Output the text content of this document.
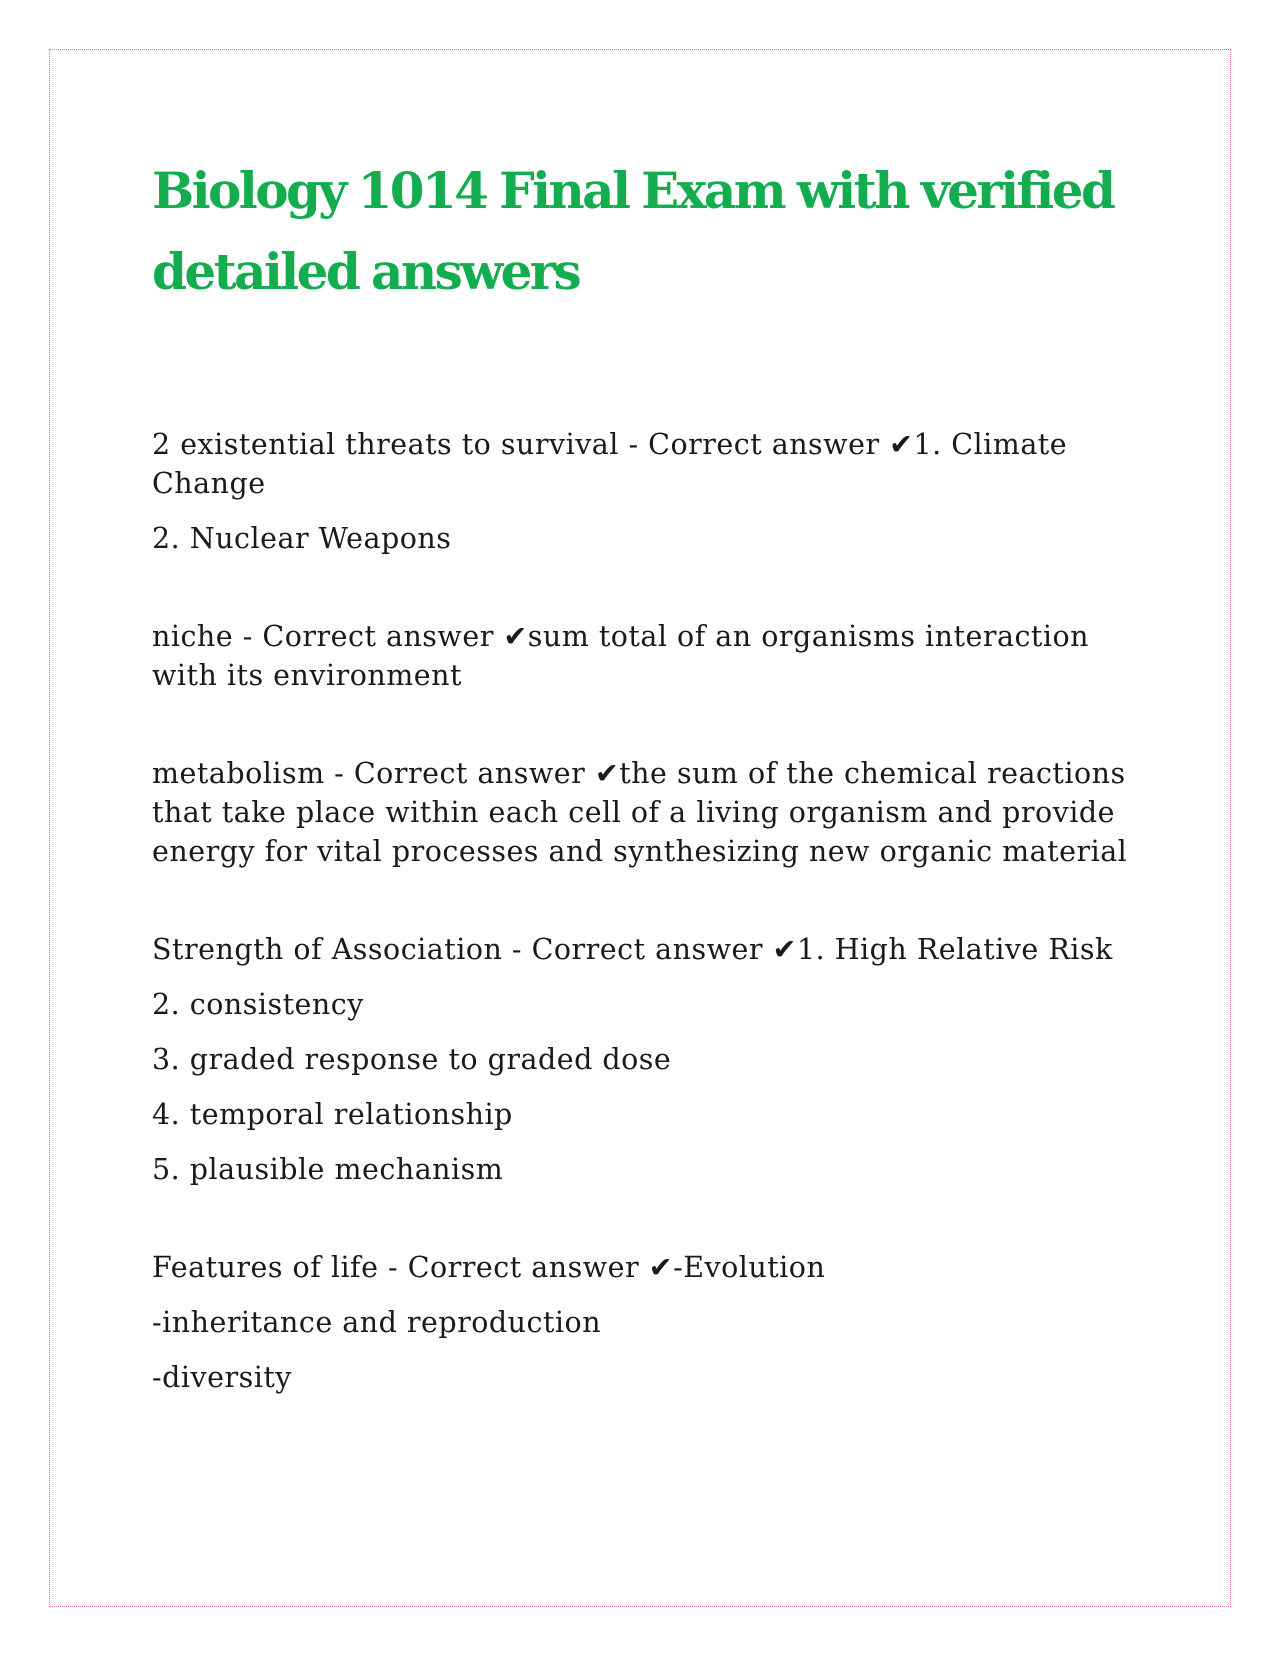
Biology 1014 Final Exam with verified detailed answers

2 existential threats to survival - Correct answer ✔1. Climate Change

2. Nuclear Weapons

niche - Correct answer ✔sum total of an organisms interaction with its environment

metabolism - Correct answer ✔the sum of the chemical reactions that take place within each cell of a living organism and provide energy for vital processes and synthesizing new organic material

Strength of Association - Correct answer ✔1. High Relative Risk

2. consistency

3. graded response to graded dose

4. temporal relationship

5. plausible mechanism

Features of life - Correct answer ✔-Evolution

-inheritance and reproduction

-diversity
